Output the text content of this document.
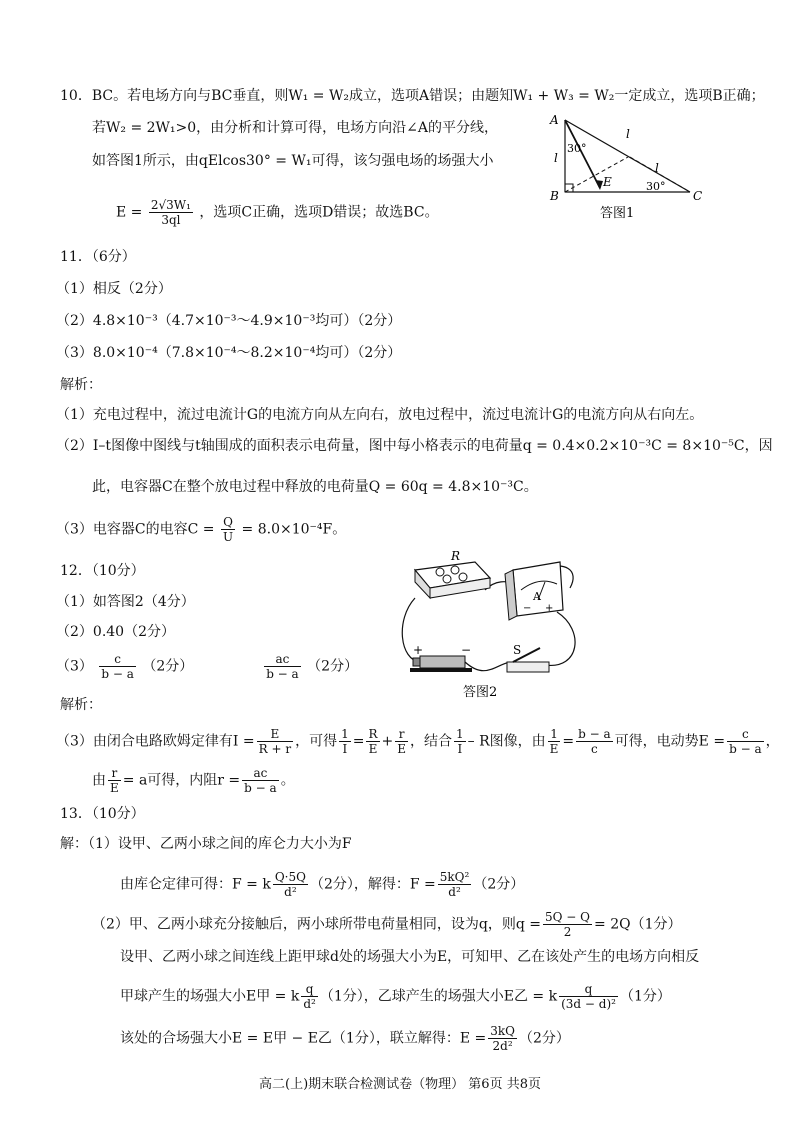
10．BC。若电场方向与BC垂直，则W₁ = W₂成立，选项A错误；由题知W₁ + W₃ = W₂一定成立，选项B正确；
若W₂ = 2W₁>0，由分析和计算可得，电场方向沿∠A的平分线，
如答图1所示，由qElcos30° = W₁可得，该匀强电场的场强大小
$E = \frac{\text{2√3W₁}}{3ql}$ ，选项C正确，选项D错误；故选BC。
A
B	C
E
l
l
l
30°
30°
答图1
11．（6分）
（1）相反（2分）
（2）4.8×10⁻³（4.7×10⁻³～4.9×10⁻³均可）（2分）
（3）8.0×10⁻⁴（7.8×10⁻⁴～8.2×10⁻⁴均可）（2分）
解析：
（1）充电过程中，流过电流计G的电流方向从左向右，放电过程中，流过电流计G的电流方向从右向左。
（2）I–t图像中图线与t轴围成的面积表示电荷量，图中每小格表示的电荷量q = 0.4×0.2×10⁻³C = 8×10⁻⁵C，因
此，电容器C在整个放电过程中释放的电荷量Q = 60q = 4.8×10⁻³C。
（3）电容器C的电容$C = \frac{Q}{U} = 8.0\times 10^{-4}F$。
12．（10分）
（1）如答图2（4分）
（2）0.40（2分）
$(3) \frac{c}{b - a} (2$分）	$\frac{ac}{b - a} (2$分）
解析：
（3）由闭合电路欧姆定律有$I = \frac{E}{R + r}$ ，可得 $\frac{1}{I} = \frac{R}{E} + \frac{r}{E}$ ，结合 $\frac{1}{I}$ – R图像，由 $\frac{1}{E} = \frac{b - a}{c}$ 可得，电动势$E = \frac{c}{b - a}$ ，
由 $\frac{r}{E} = a$可得，内阻$r = \frac{ac}{b - a}$ 。
R
A
+
−
+	−	S
答图2
13．（10分）
解：（1）设甲、乙两小球之间的库仑力大小为F
由库仑定律可得：F = k $\frac{Q\cdot 5Q}{\text{d²}} (2$分），解得：$F = \frac{\text{5kQ²}}{\text{d²}} (2$分）
（2）甲、乙两小球充分接触后，两小球所带电荷量相同，设为q，则$q = \frac{5Q - Q}{2} = 2Q(1$分）
设甲、乙两小球之间连线上距甲球d处的场强大小为E，可知甲、乙在该处产生的电场方向相反
甲球产生的场强大小E甲 = k $\frac{q}{\text{d²}} (1$分），乙球产生的场强大小E乙 = k $\frac{q}{\text{(3d − d)²}} (1$分）
该处的合场强大小E = E甲 − E乙（1分），联立解得：$E = \frac{3kQ}{\text{2d²}} (2$分）
高二(上)期末联合检测试卷（物理） 第6页 共8页
